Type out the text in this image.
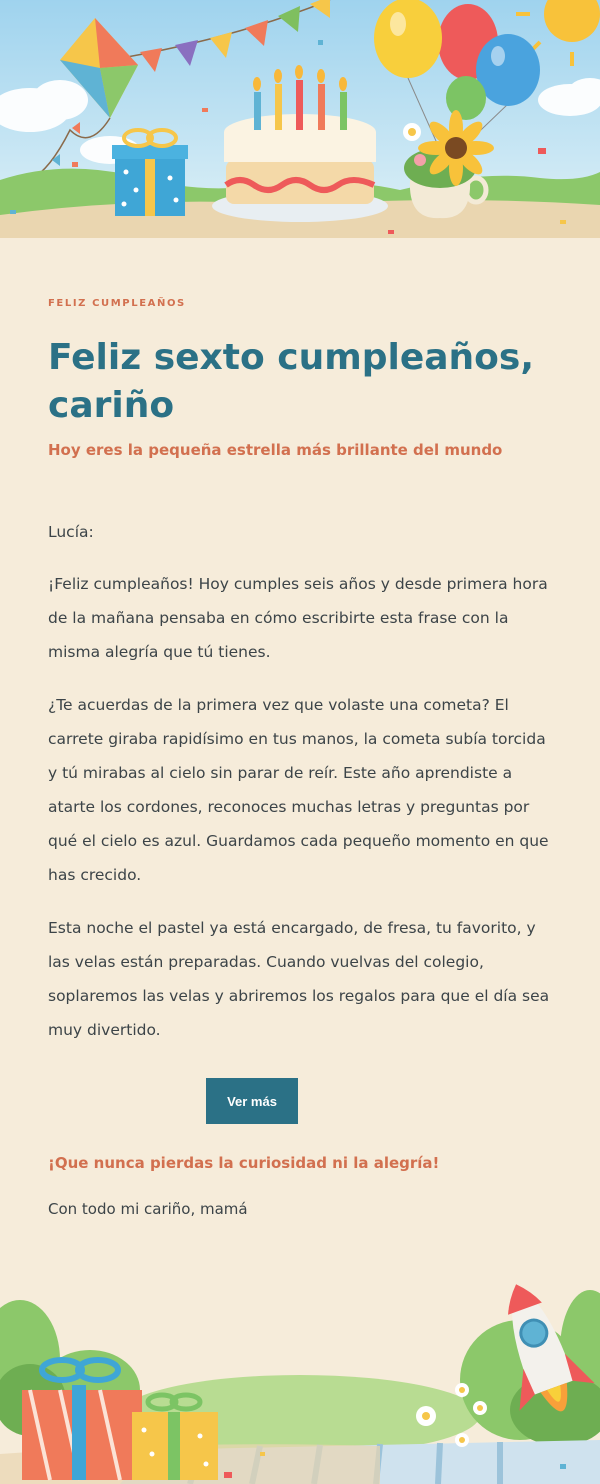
FELIZ CUMPLEAÑOS
Feliz sexto cumpleaños, cariño
Hoy eres la pequeña estrella más brillante del mundo

Lucía:

¡Feliz cumpleaños! Hoy cumples seis años y desde primera hora de la mañana pensaba en cómo escribirte esta frase con la misma alegría que tú tienes.

¿Te acuerdas de la primera vez que volaste una cometa? El carrete giraba rapidísimo en tus manos, la cometa subía torcida y tú mirabas al cielo sin parar de reír. Este año aprendiste a atarte los cordones, reconoces muchas letras y preguntas por qué el cielo es azul. Guardamos cada pequeño momento en que has crecido.

Esta noche el pastel ya está encargado, de fresa, tu favorito, y las velas están preparadas. Cuando vuelvas del colegio, soplaremos las velas y abriremos los regalos para que el día sea muy divertido.

¡Que nunca pierdas la curiosidad ni la alegría!
Con todo mi cariño, mamá
Ver más
